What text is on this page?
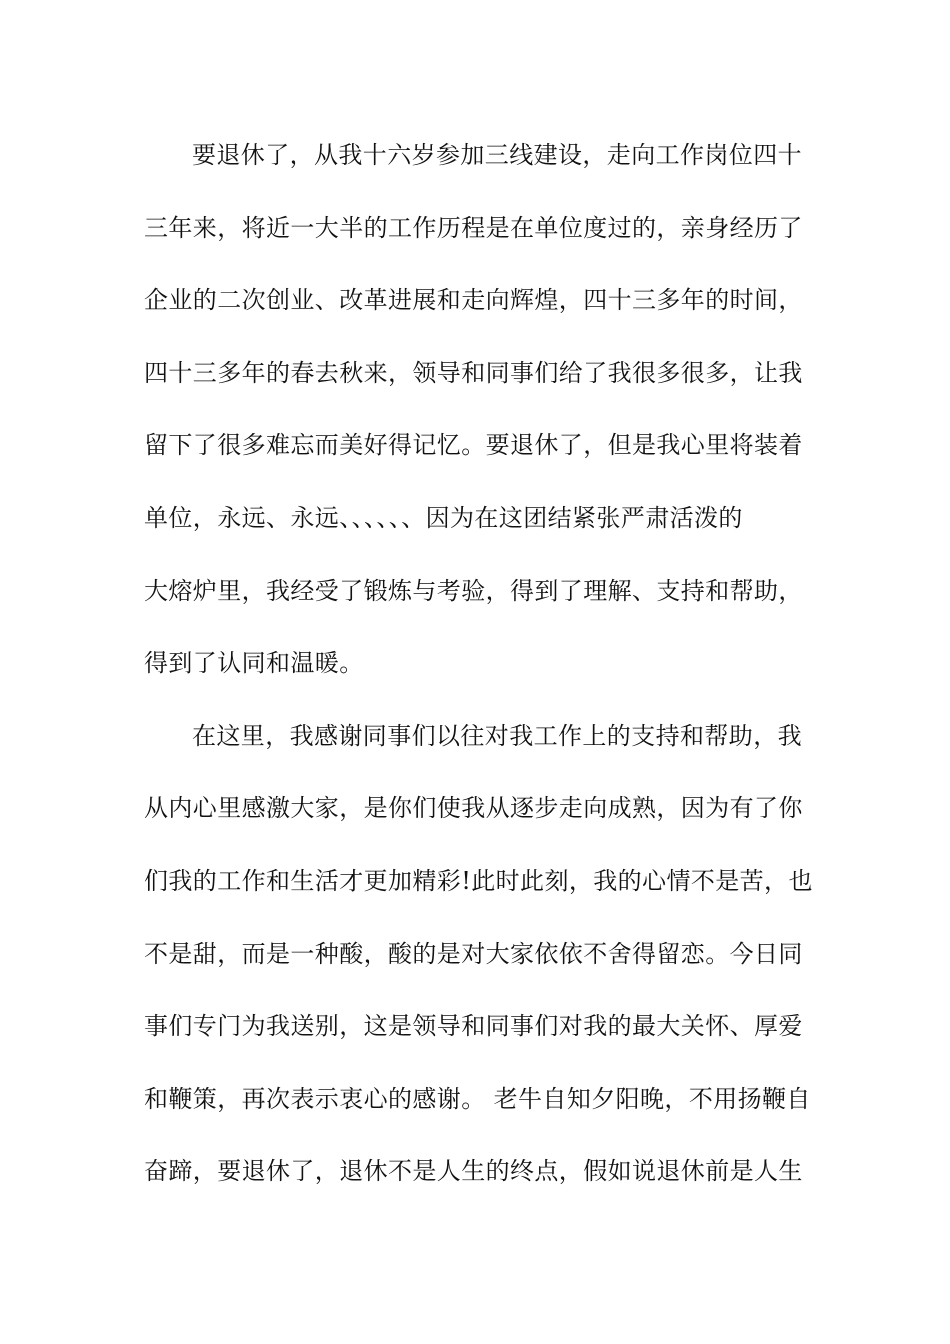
要退休了，从我十六岁参加三线建设，走向工作岗位四十
三年来，将近一大半的工作历程是在单位度过的，亲身经历了
企业的二次创业、改革进展和走向辉煌，四十三多年的时间，
四十三多年的春去秋来，领导和同事们给了我很多很多，让我
留下了很多难忘而美好得记忆。要退休了，但是我心里将装着
单位，永远、永远、、、、、、因为在这团结紧张严肃活泼的
大熔炉里，我经受了锻炼与考验，得到了理解、支持和帮助，
得到了认同和温暖。
在这里，我感谢同事们以往对我工作上的支持和帮助，我
从内心里感激大家，是你们使我从逐步走向成熟，因为有了你
们我的工作和生活才更加精彩!此时此刻，我的心情不是苦，也
不是甜，而是一种酸，酸的是对大家依依不舍得留恋。今日同
事们专门为我送别，这是领导和同事们对我的最大关怀、厚爱
和鞭策，再次表示衷心的感谢。 老牛自知夕阳晚，不用扬鞭自
奋蹄，要退休了，退休不是人生的终点，假如说退休前是人生
